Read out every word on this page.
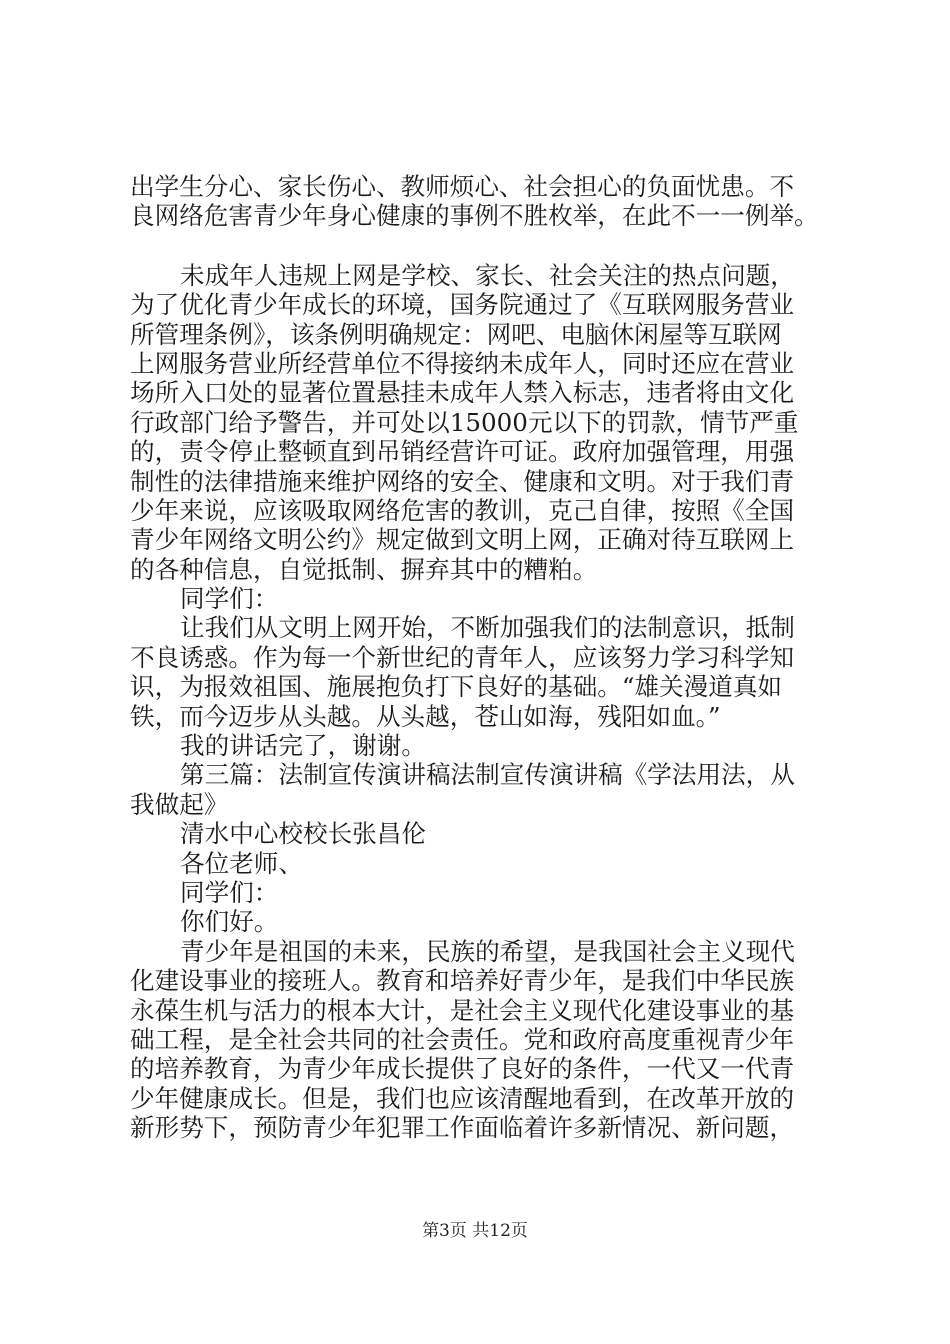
出学生分心、家长伤心、教师烦心、社会担心的负面忧患。不
良网络危害青少年身心健康的事例不胜枚举，在此不一一例举。
未成年人违规上网是学校、家长、社会关注的热点问题，
为了优化青少年成长的环境，国务院通过了《互联网服务营业
所管理条例》，该条例明确规定：网吧、电脑休闲屋等互联网
上网服务营业所经营单位不得接纳未成年人，同时还应在营业
场所入口处的显著位置悬挂未成年人禁入标志，违者将由文化
行政部门给予警告，并可处以15000元以下的罚款，情节严重
的，责令停止整顿直到吊销经营许可证。政府加强管理，用强
制性的法律措施来维护网络的安全、健康和文明。对于我们青
少年来说，应该吸取网络危害的教训，克己自律，按照《全国
青少年网络文明公约》规定做到文明上网，正确对待互联网上
的各种信息，自觉抵制、摒弃其中的糟粕。
同学们：
让我们从文明上网开始，不断加强我们的法制意识，抵制
不良诱惑。作为每一个新世纪的青年人，应该努力学习科学知
识，为报效祖国、施展抱负打下良好的基础。“雄关漫道真如
铁，而今迈步从头越。从头越，苍山如海，残阳如血。”
我的讲话完了，谢谢。
第三篇：法制宣传演讲稿法制宣传演讲稿《学法用法，从
我做起》
清水中心校校长张昌伦
各位老师、
同学们：
你们好。
青少年是祖国的未来，民族的希望，是我国社会主义现代
化建设事业的接班人。教育和培养好青少年，是我们中华民族
永葆生机与活力的根本大计，是社会主义现代化建设事业的基
础工程，是全社会共同的社会责任。党和政府高度重视青少年
的培养教育，为青少年成长提供了良好的条件，一代又一代青
少年健康成长。但是，我们也应该清醒地看到，在改革开放的
新形势下，预防青少年犯罪工作面临着许多新情况、新问题，
第3页 共12页
